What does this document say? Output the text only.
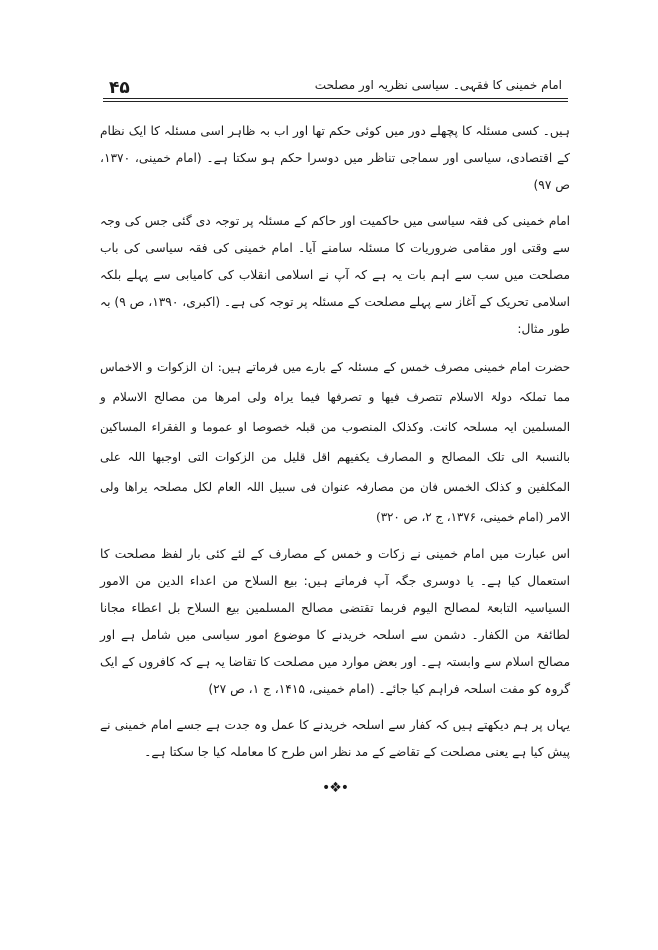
۴۵	امام خمینی کا فقہی۔ سیاسی نظریہ اور مصلحت

ہیں۔ کسی مسئلہ کا پچھلے دور میں کوئی حکم تھا اور اب بہ ظاہر اسی مسئلہ کا ایک نظام کے اقتصادی، سیاسی اور سماجی تناظر میں دوسرا حکم ہو سکتا ہے۔ (امام خمینی، ۱۳۷۰، ص ۹۷)

امام خمینی کی فقہ سیاسی میں حاکمیت اور حاکم کے مسئلہ پر توجہ دی گئی جس کی وجہ سے وقتی اور مقامی ضروریات کا مسئلہ سامنے آیا۔ امام خمینی کی فقہ سیاسی کی باب مصلحت میں سب سے اہم بات یہ ہے کہ آپ نے اسلامی انقلاب کی کامیابی سے پہلے بلکہ اسلامی تحریک کے آغاز سے پہلے مصلحت کے مسئلہ پر توجہ کی ہے۔ (اکبری، ۱۳۹۰، ص ۹) بہ طور مثال:

حضرت امام خمینی مصرف خمس کے مسئلہ کے بارے میں فرماتے ہیں: ان الزکوات و الاخماس مما تملکہ دولۃ الاسلام تتصرف فیھا و تصرفھا فیما یراہ ولی امرھا من مصالح الاسلام و المسلمین ایہ مسلحہ کانت. وکذلک المنصوب من قبلہ خصوصا او عموما و الفقراء المساکین بالنسبۃ الی تلک المصالح و المصارف یکفیھم اقل قلیل من الزکوات التی اوجبھا اللہ علی المکلفین و کذلک الخمس فان من مصارفہ عنوان فی سبیل اللہ العام لکل مصلحہ یراھا ولی الامر (امام خمینی، ۱۳۷۶، ج ۲، ص ۳۲۰)

اس عبارت میں امام خمینی نے زکات و خمس کے مصارف کے لئے کئی بار لفظ مصلحت کا استعمال کیا ہے۔ یا دوسری جگہ آپ فرماتے ہیں: بیع السلاح من اعداء الدین من الامور السیاسیہ التابعۃ لمصالح الیوم فربما تقتضی مصالح المسلمین بیع السلاح بل اعطاء مجانا لطائفۃ من الکفار۔ دشمن سے اسلحہ خریدنے کا موضوع امور سیاسی میں شامل ہے اور مصالح اسلام سے وابستہ ہے۔ اور بعض موارد میں مصلحت کا تقاضا یہ ہے کہ کافروں کے ایک گروہ کو مفت اسلحہ فراہم کیا جائے۔ (امام خمینی، ۱۴۱۵، ج ۱، ص ۲۷)

یہاں پر ہم دیکھتے ہیں کہ کفار سے اسلحہ خریدنے کا عمل وہ جدت ہے جسے امام خمینی نے پیش کیا ہے یعنی مصلحت کے تقاضے کے مد نظر اس طرح کا معاملہ کیا جا سکتا ہے۔

•❖•
